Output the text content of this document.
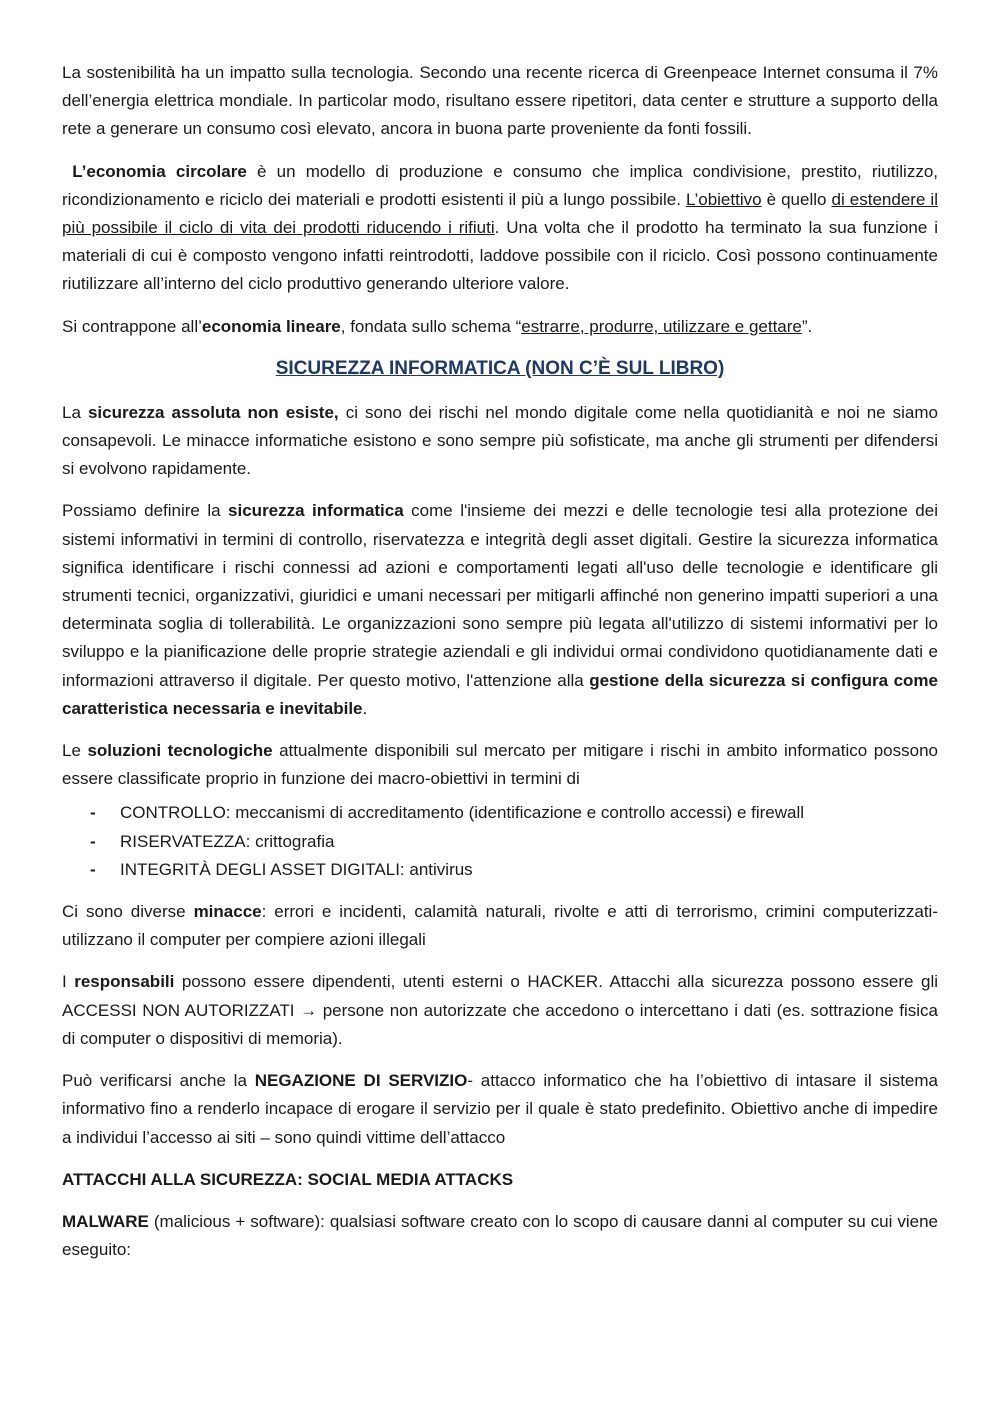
La sostenibilità ha un impatto sulla tecnologia. Secondo una recente ricerca di Greenpeace Internet consuma il 7% dell’energia elettrica mondiale. In particolar modo, risultano essere ripetitori, data center e strutture a supporto della rete a generare un consumo così elevato, ancora in buona parte proveniente da fonti fossili.

L’economia circolare è un modello di produzione e consumo che implica condivisione, prestito, riutilizzo, ricondizionamento e riciclo dei materiali e prodotti esistenti il più a lungo possibile. L’obiettivo è quello di estendere il più possibile il ciclo di vita dei prodotti riducendo i rifiuti. Una volta che il prodotto ha terminato la sua funzione i materiali di cui è composto vengono infatti reintrodotti, laddove possibile con il riciclo. Così possono continuamente riutilizzare all’interno del ciclo produttivo generando ulteriore valore.

Si contrappone all’economia lineare, fondata sullo schema “estrarre, produrre, utilizzare e gettare”.

SICUREZZA INFORMATICA (NON C’È SUL LIBRO)

La sicurezza assoluta non esiste, ci sono dei rischi nel mondo digitale come nella quotidianità e noi ne siamo consapevoli. Le minacce informatiche esistono e sono sempre più sofisticate, ma anche gli strumenti per difendersi si evolvono rapidamente.

Possiamo definire la sicurezza informatica come l'insieme dei mezzi e delle tecnologie tesi alla protezione dei sistemi informativi in termini di controllo, riservatezza e integrità degli asset digitali. Gestire la sicurezza informatica significa identificare i rischi connessi ad azioni e comportamenti legati all'uso delle tecnologie e identificare gli strumenti tecnici, organizzativi, giuridici e umani necessari per mitigarli affinché non generino impatti superiori a una determinata soglia di tollerabilità. Le organizzazioni sono sempre più legata all'utilizzo di sistemi informativi per lo sviluppo e la pianificazione delle proprie strategie aziendali e gli individui ormai condividono quotidianamente dati e informazioni attraverso il digitale. Per questo motivo, l'attenzione alla gestione della sicurezza si configura come caratteristica necessaria e inevitabile.

Le soluzioni tecnologiche attualmente disponibili sul mercato per mitigare i rischi in ambito informatico possono essere classificate proprio in funzione dei macro-obiettivi in termini di

- CONTROLLO: meccanismi di accreditamento (identificazione e controllo accessi) e firewall
- RISERVATEZZA: crittografia
- INTEGRITÀ DEGLI ASSET DIGITALI: antivirus

Ci sono diverse minacce: errori e incidenti, calamità naturali, rivolte e atti di terrorismo, crimini computerizzati- utilizzano il computer per compiere azioni illegali

I responsabili possono essere dipendenti, utenti esterni o HACKER. Attacchi alla sicurezza possono essere gli ACCESSI NON AUTORIZZATI → persone non autorizzate che accedono o intercettano i dati (es. sottrazione fisica di computer o dispositivi di memoria).

Può verificarsi anche la NEGAZIONE DI SERVIZIO- attacco informatico che ha l’obiettivo di intasare il sistema informativo fino a renderlo incapace di erogare il servizio per il quale è stato predefinito. Obiettivo anche di impedire a individui l’accesso ai siti – sono quindi vittime dell’attacco

ATTACCHI ALLA SICUREZZA: SOCIAL MEDIA ATTACKS

MALWARE (malicious + software): qualsiasi software creato con lo scopo di causare danni al computer su cui viene eseguito:
